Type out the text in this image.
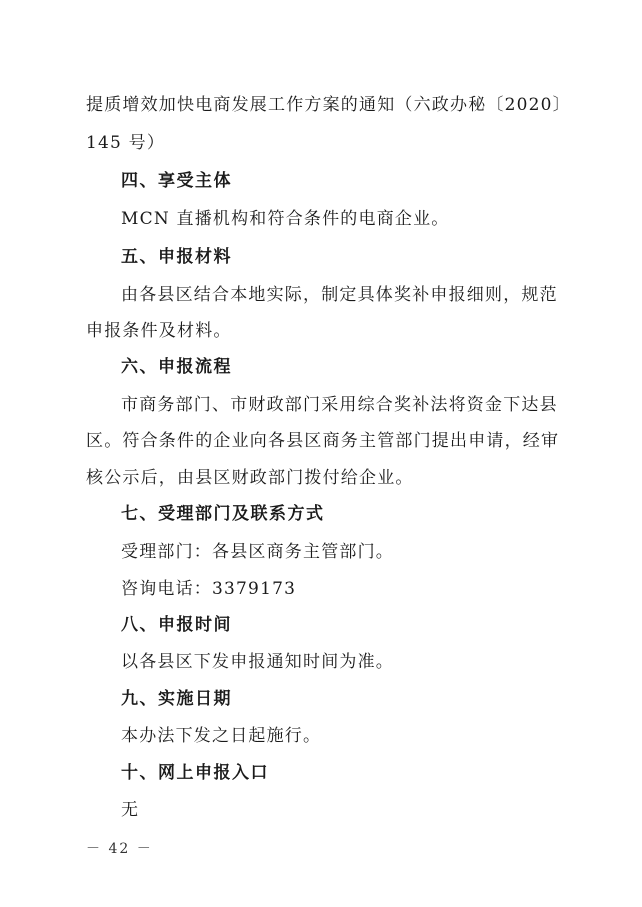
提质增效加快电商发展工作方案的通知（六政办秘〔2020〕
145 号）
四、享受主体
MCN 直播机构和符合条件的电商企业。
五、申报材料
由各县区结合本地实际，制定具体奖补申报细则，规范
申报条件及材料。
六、申报流程
市商务部门、市财政部门采用综合奖补法将资金下达县
区。符合条件的企业向各县区商务主管部门提出申请，经审
核公示后，由县区财政部门拨付给企业。
七、受理部门及联系方式
受理部门：各县区商务主管部门。
咨询电话：3379173
八、申报时间
以各县区下发申报通知时间为准。
九、实施日期
本办法下发之日起施行。
十、网上申报入口
无
－ 42 －
